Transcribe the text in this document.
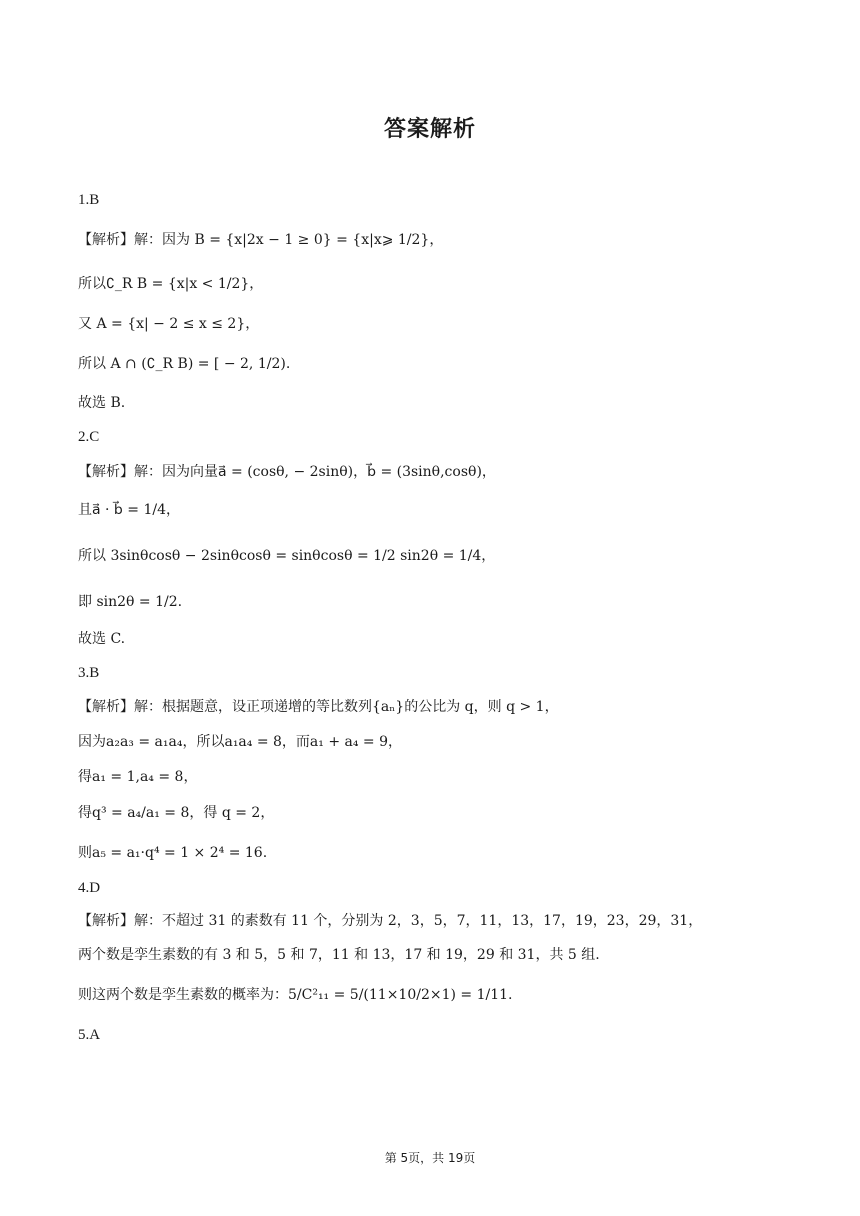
答案解析
1.B
【解析】解：因为 B = {x|2x − 1 ≥ 0} = {x|x⩾ 1/2}，
所以∁_R B = {x|x < 1/2}，
又 A = {x| − 2 ≤ x ≤ 2}，
所以 A ∩ (∁_R B) = [ − 2, 1/2).
故选 B.
2.C
【解析】解：因为向量a⃗ = (cosθ, − 2sinθ)，b⃗ = (3sinθ,cosθ)，
且a⃗ · b⃗ = 1/4，
所以 3sinθcosθ − 2sinθcosθ = sinθcosθ = 1/2 sin2θ = 1/4，
即 sin2θ = 1/2.
故选 C.
3.B
【解析】解：根据题意，设正项递增的等比数列{aₙ}的公比为 q，则 q > 1，
因为a₂a₃ = a₁a₄，所以a₁a₄ = 8，而a₁ + a₄ = 9，
得a₁ = 1,a₄ = 8，
得q³ = a₄/a₁ = 8，得 q = 2，
则a₅ = a₁·q⁴ = 1 × 2⁴ = 16.
4.D
【解析】解：不超过 31 的素数有 11 个，分别为 2，3，5，7，11，13，17，19，23，29，31，
两个数是孪生素数的有 3 和 5，5 和 7，11 和 13，17 和 19，29 和 31，共 5 组.
则这两个数是孪生素数的概率为：5/C²₁₁ = 5/(11×10/2×1) = 1/11.
5.A
第 5页，共 19页
